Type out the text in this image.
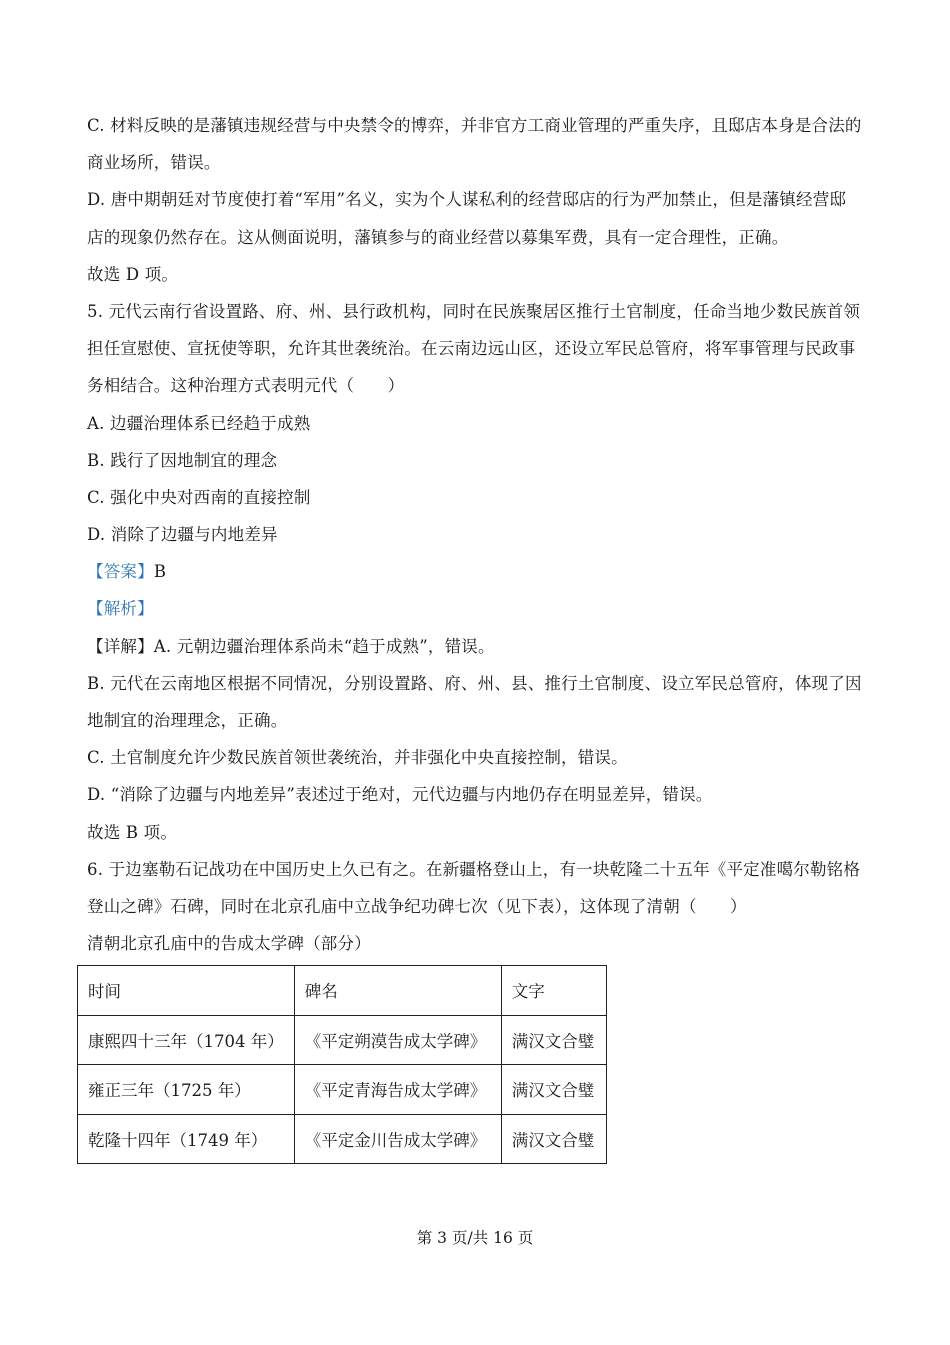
C. 材料反映的是藩镇违规经营与中央禁令的博弈，并非官方工商业管理的严重失序，且邸店本身是合法的
商业场所，错误。
D. 唐中期朝廷对节度使打着“军用”名义，实为个人谋私利的经营邸店的行为严加禁止，但是藩镇经营邸
店的现象仍然存在。这从侧面说明，藩镇参与的商业经营以募集军费，具有一定合理性，正确。
故选 D 项。
5. 元代云南行省设置路、府、州、县行政机构，同时在民族聚居区推行土官制度，任命当地少数民族首领
担任宣慰使、宣抚使等职，允许其世袭统治。在云南边远山区，还设立军民总管府，将军事管理与民政事
务相结合。这种治理方式表明元代（　　）
A. 边疆治理体系已经趋于成熟
B. 践行了因地制宜的理念
C. 强化中央对西南的直接控制
D. 消除了边疆与内地差异
【答案】B
【解析】
【详解】A. 元朝边疆治理体系尚未“趋于成熟”，错误。
B. 元代在云南地区根据不同情况，分别设置路、府、州、县、推行土官制度、设立军民总管府，体现了因
地制宜的治理理念，正确。
C. 土官制度允许少数民族首领世袭统治，并非强化中央直接控制，错误。
D. “消除了边疆与内地差异”表述过于绝对，元代边疆与内地仍存在明显差异，错误。
故选 B 项。
6. 于边塞勒石记战功在中国历史上久已有之。在新疆格登山上，有一块乾隆二十五年《平定准噶尔勒铭格
登山之碑》石碑，同时在北京孔庙中立战争纪功碑七次（见下表），这体现了清朝（　　）
清朝北京孔庙中的告成太学碑（部分）
时间	碑名	文字
康熙四十三年（1704 年）	《平定朔漠告成太学碑》	满汉文合璧
雍正三年（1725 年）	《平定青海告成太学碑》	满汉文合璧
乾隆十四年（1749 年）	《平定金川告成太学碑》	满汉文合璧
第 3 页/共 16 页
